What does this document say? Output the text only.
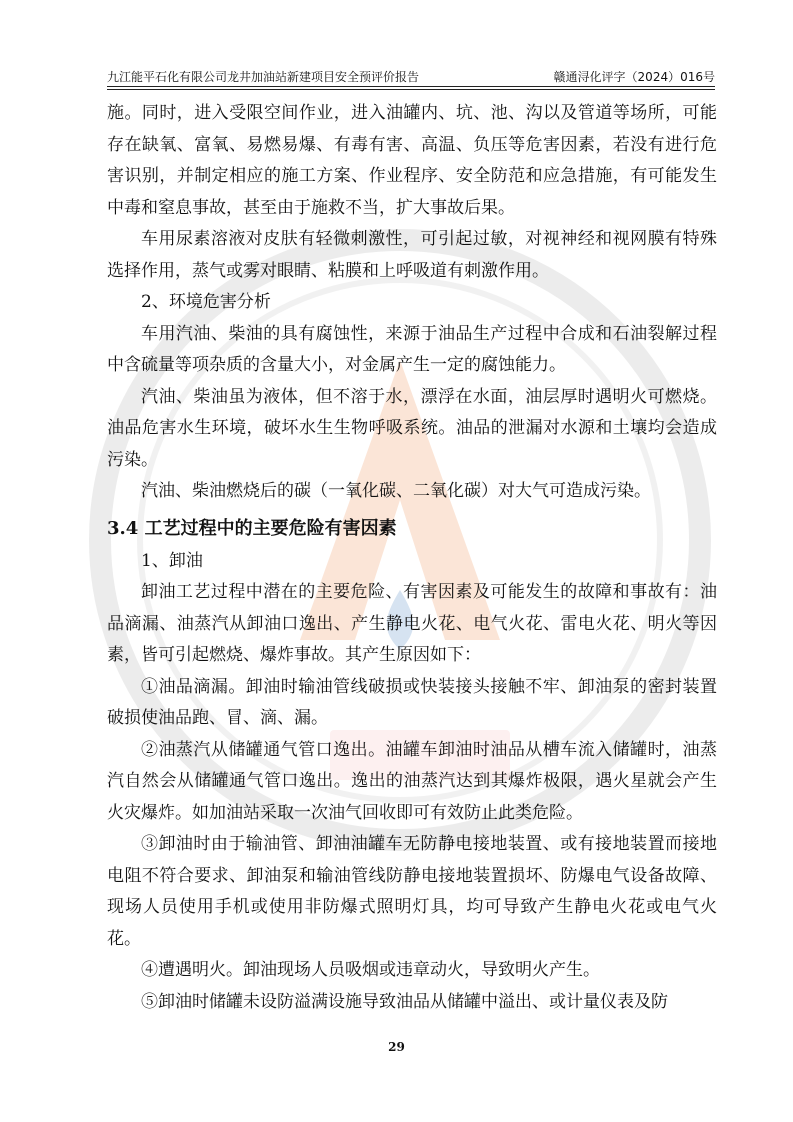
九江能平石化有限公司龙井加油站新建项目安全预评价报告	赣通浔化评字（2024）016号

施。同时，进入受限空间作业，进入油罐内、坑、池、沟以及管道等场所，可能存在缺氧、富氧、易燃易爆、有毒有害、高温、负压等危害因素，若没有进行危害识别，并制定相应的施工方案、作业程序、安全防范和应急措施，有可能发生中毒和窒息事故，甚至由于施救不当，扩大事故后果。

车用尿素溶液对皮肤有轻微刺激性，可引起过敏，对视神经和视网膜有特殊选择作用，蒸气或雾对眼睛、粘膜和上呼吸道有刺激作用。

2、环境危害分析

车用汽油、柴油的具有腐蚀性，来源于油品生产过程中合成和石油裂解过程中含硫量等项杂质的含量大小，对金属产生一定的腐蚀能力。

汽油、柴油虽为液体，但不溶于水，漂浮在水面，油层厚时遇明火可燃烧。油品危害水生环境，破坏水生生物呼吸系统。油品的泄漏对水源和土壤均会造成污染。

汽油、柴油燃烧后的碳（一氧化碳、二氧化碳）对大气可造成污染。

3.4 工艺过程中的主要危险有害因素

1、卸油

卸油工艺过程中潜在的主要危险、有害因素及可能发生的故障和事故有：油品滴漏、油蒸汽从卸油口逸出、产生静电火花、电气火花、雷电火花、明火等因素，皆可引起燃烧、爆炸事故。其产生原因如下：

①油品滴漏。卸油时输油管线破损或快装接头接触不牢、卸油泵的密封装置破损使油品跑、冒、滴、漏。

②油蒸汽从储罐通气管口逸出。油罐车卸油时油品从槽车流入储罐时，油蒸汽自然会从储罐通气管口逸出。逸出的油蒸汽达到其爆炸极限，遇火星就会产生火灾爆炸。如加油站采取一次油气回收即可有效防止此类危险。

③卸油时由于输油管、卸油油罐车无防静电接地装置、或有接地装置而接地电阻不符合要求、卸油泵和输油管线防静电接地装置损坏、防爆电气设备故障、现场人员使用手机或使用非防爆式照明灯具，均可导致产生静电火花或电气火花。

④遭遇明火。卸油现场人员吸烟或违章动火，导致明火产生。

⑤卸油时储罐未设防溢满设施导致油品从储罐中溢出、或计量仪表及防

29
